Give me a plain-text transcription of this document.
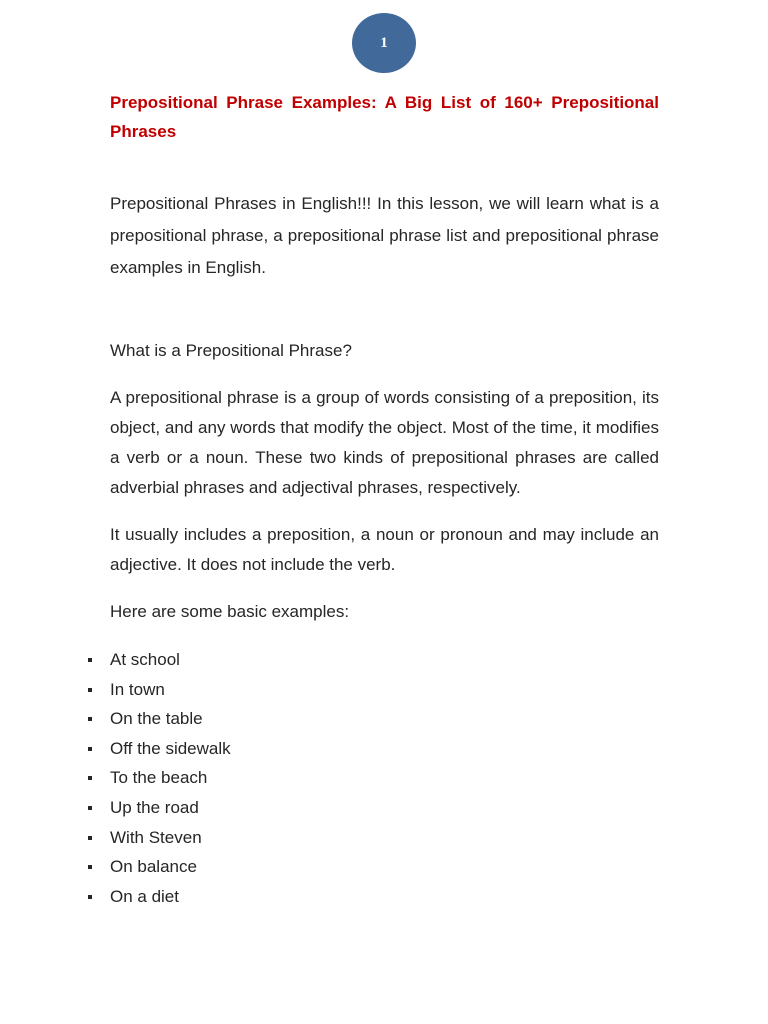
1
Prepositional Phrase Examples: A Big List of 160+ Prepositional Phrases

Prepositional Phrases in English!!! In this lesson, we will learn what is a prepositional phrase, a prepositional phrase list and prepositional phrase examples in English.

What is a Prepositional Phrase?

A prepositional phrase is a group of words consisting of a preposition, its object, and any words that modify the object. Most of the time, it modifies a verb or a noun. These two kinds of prepositional phrases are called adverbial phrases and adjectival phrases, respectively.

It usually includes a preposition, a noun or pronoun and may include an adjective. It does not include the verb.

Here are some basic examples:

At school
In town
On the table
Off the sidewalk
To the beach
Up the road
With Steven
On balance
On a diet
